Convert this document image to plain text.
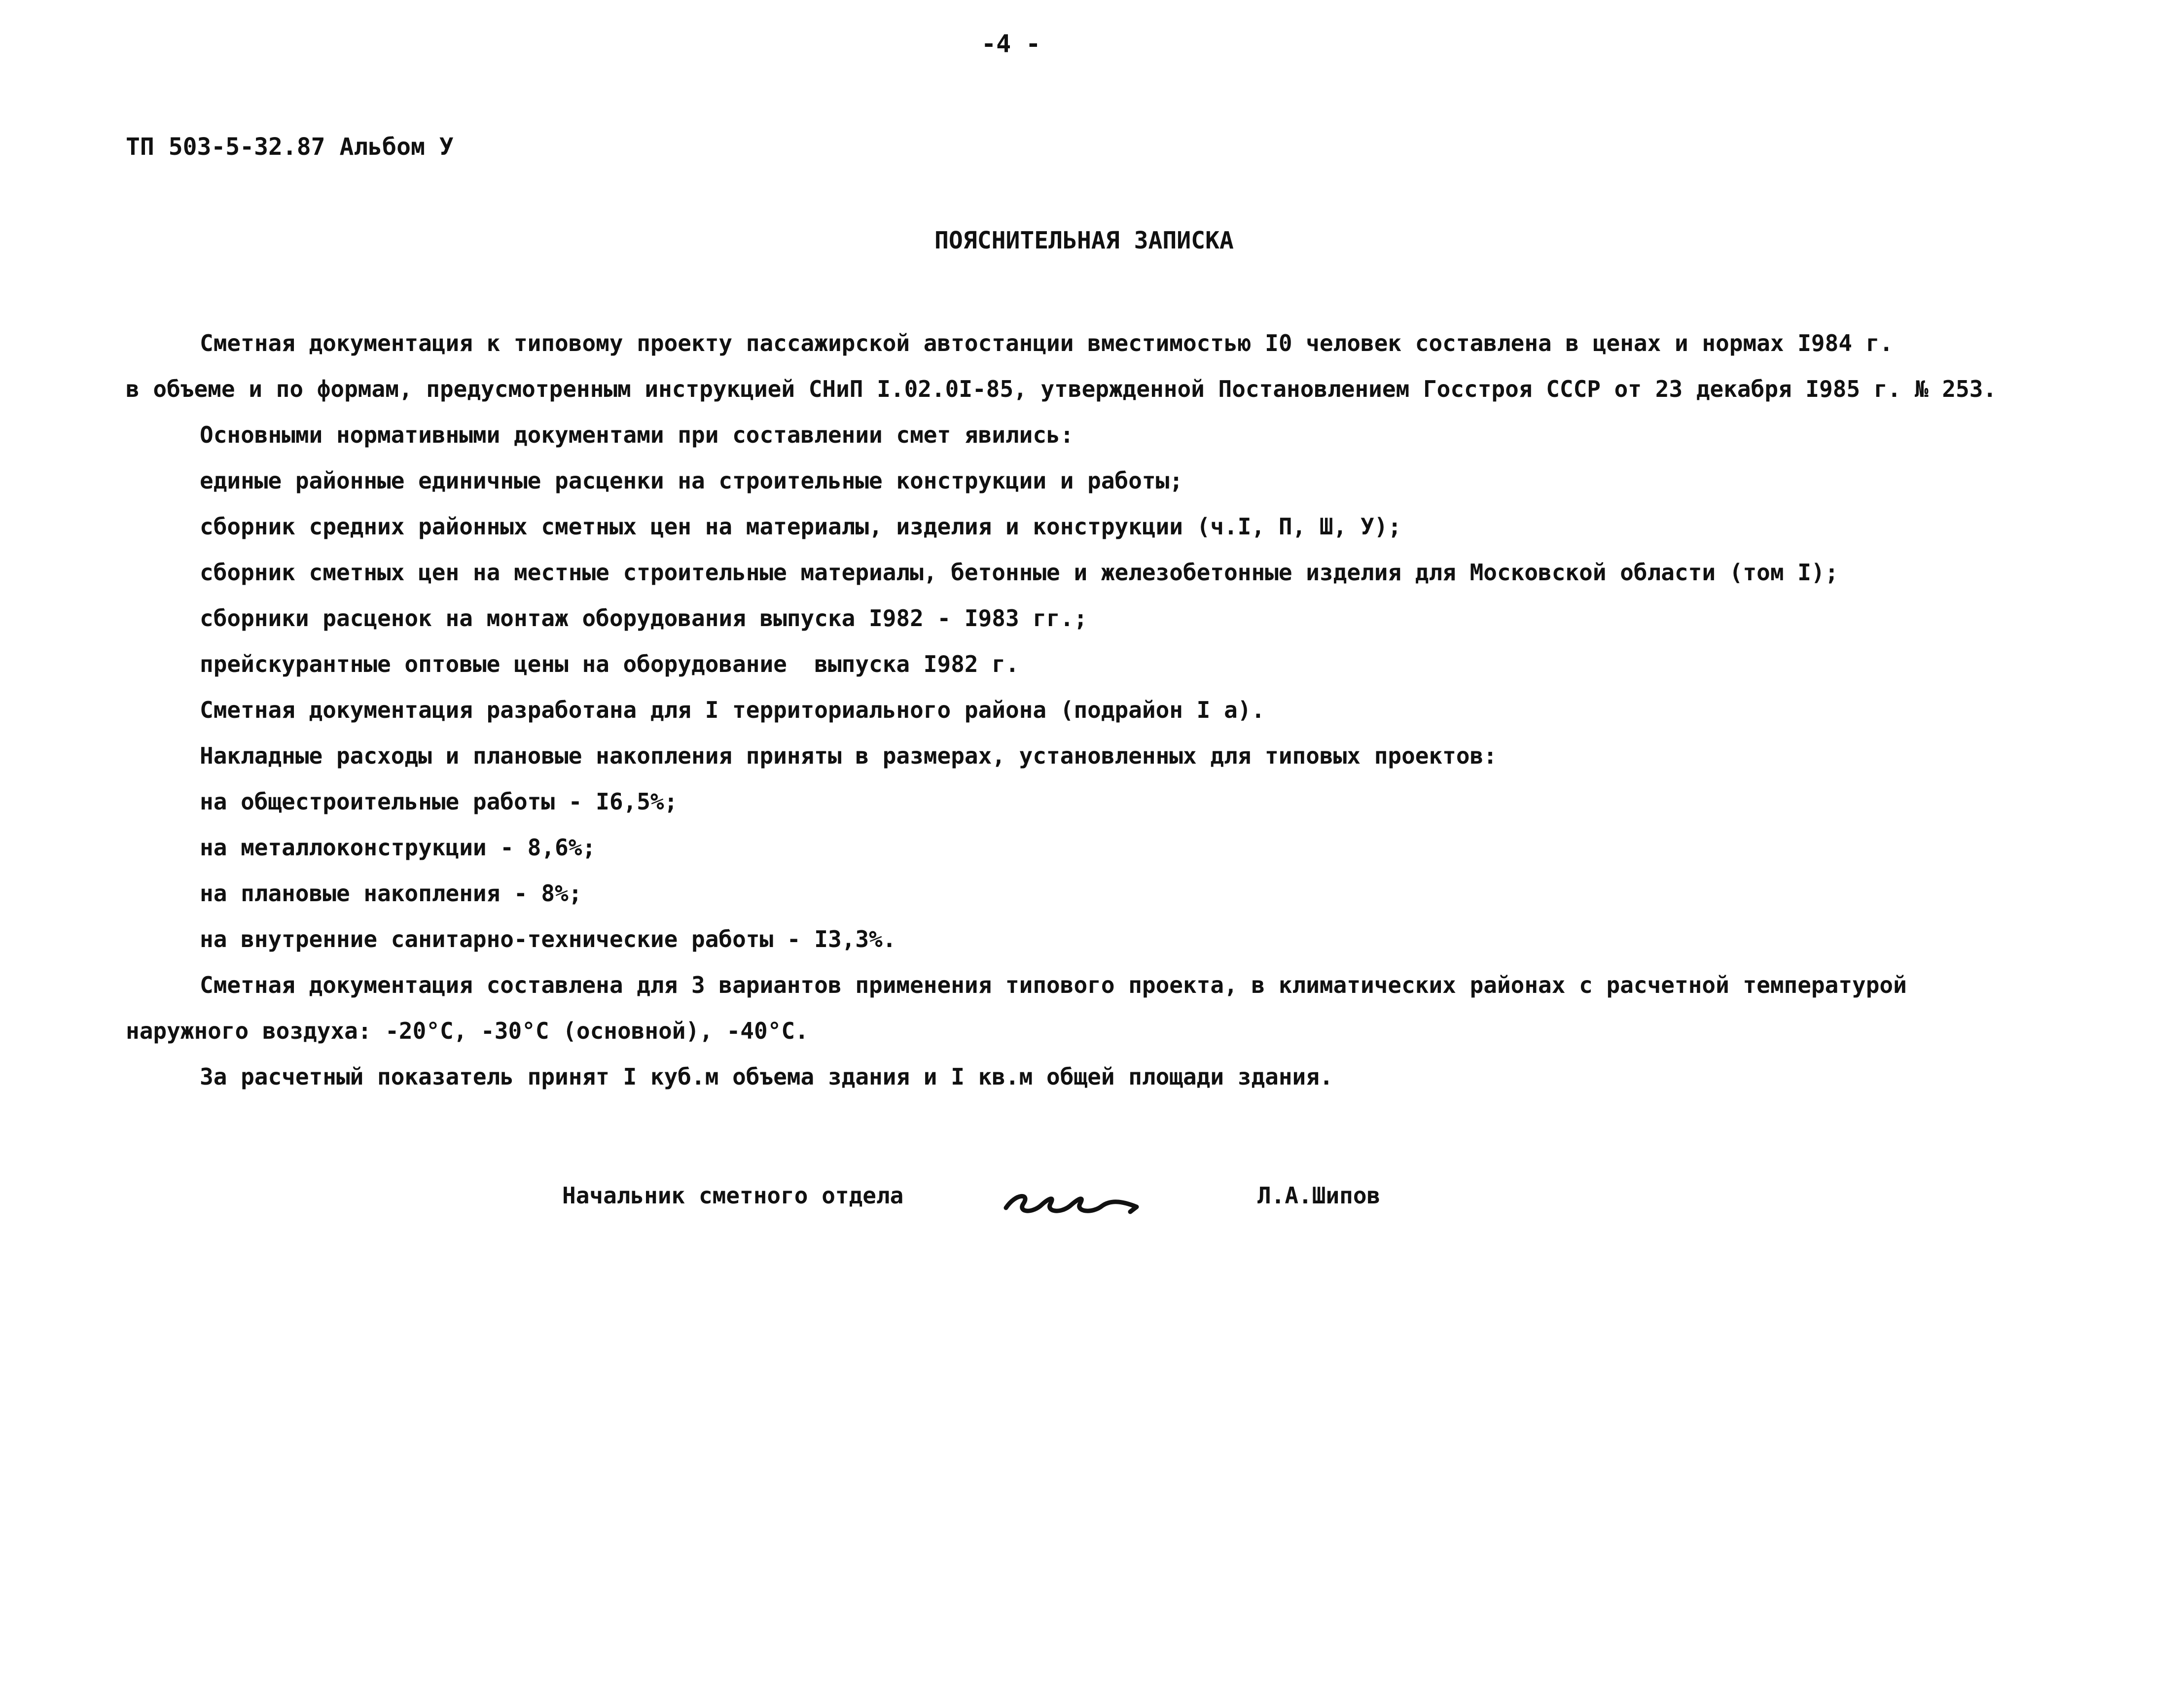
-4 -
ТП 503-5-32.87 Альбом У
ПОЯСНИТЕЛЬНАЯ ЗАПИСКА
Сметная документация к типовому проекту пассажирской автостанции вместимостью I0 человек составлена в ценах и нормах I984 г.
в объеме и по формам, предусмотренным инструкцией СНиП I.02.0I-85, утвержденной Постановлением Госстроя СССР от 23 декабря I985 г. № 253.
Основными нормативными документами при составлении смет явились:
единые районные единичные расценки на строительные конструкции и работы;
сборник средних районных сметных цен на материалы, изделия и конструкции (ч.I, П, Ш, У);
сборник сметных цен на местные строительные материалы, бетонные и железобетонные изделия для Московской области (том I);
сборники расценок на монтаж оборудования выпуска I982 - I983 гг.;
прейскурантные оптовые цены на оборудование  выпуска I982 г.
Сметная документация разработана для I территориального района (подрайон I а).
Накладные расходы и плановые накопления приняты в размерах, установленных для типовых проектов:
на общестроительные работы - I6,5%;
на металлоконструкции - 8,6%;
на плановые накопления - 8%;
на внутренние санитарно-технические работы - I3,3%.
Сметная документация составлена для 3 вариантов применения типового проекта, в климатических районах с расчетной температурой
наружного воздуха: -20°С, -30°С (основной), -40°С.
За расчетный показатель принят I куб.м объема здания и I кв.м общей площади здания.
Начальник сметного отдела	Л.А.Шипов
